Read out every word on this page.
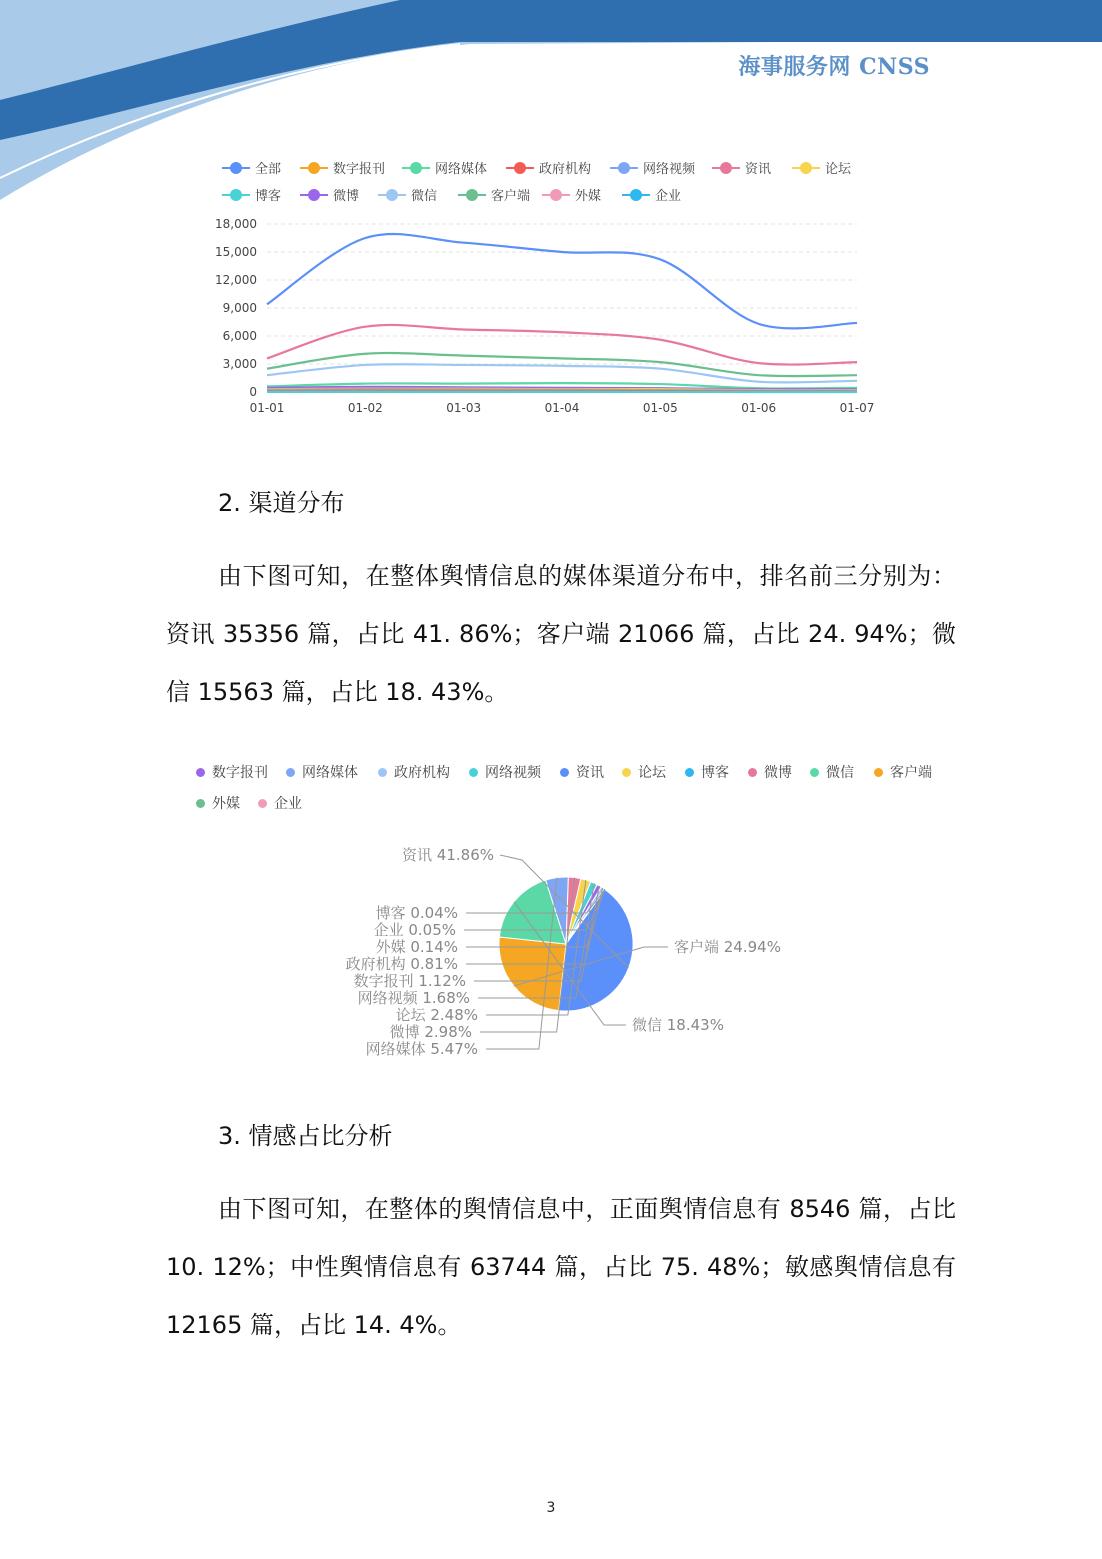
海事服务网 CNSS
全部	数字报刊	网络媒体	政府机构	网络视频	资讯	论坛
博客	微博	微信	客户端	外媒	企业
0
3,000
6,000
9,000
12,000
15,000
18,000
01-01	01-02	01-03	01-04	01-05	01-06	01-07
2. 渠道分布
由下图可知，在整体舆情信息的媒体渠道分布中，排名前三分别为：资讯 35356 篇，占比 41. 86%；客户端 21066 篇，占比 24. 94%；微信 15563 篇，占比 18. 43%。
数字报刊 网络媒体	政府机构	网络视频	资讯 论坛	博客	微博 微信	客户端
外媒 企业
资讯 41.86%
客户端 24.94%
微信 18.43%
网络媒体 5.47%
微博 2.98%
论坛 2.48%
网络视频 1.68%
数字报刊 1.12%
政府机构 0.81%
外媒 0.14%
企业 0.05%
博客 0.04%
3. 情感占比分析
由下图可知，在整体的舆情信息中，正面舆情信息有 8546 篇，占比 10. 12%；中性舆情信息有 63744 篇，占比 75. 48%；敏感舆情信息有 12165 篇，占比 14. 4%。
3
